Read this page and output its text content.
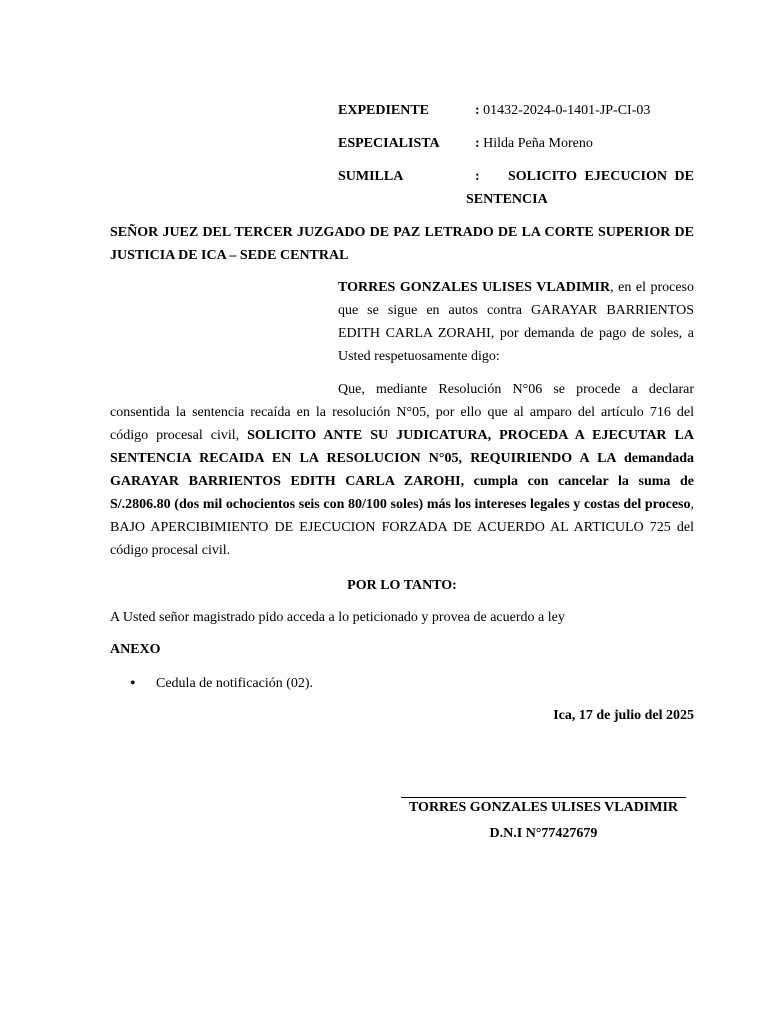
EXPEDIENTE	: 01432-2024-0-1401-JP-CI-03
ESPECIALISTA	: Hilda Peña Moreno
SUMILLA	: SOLICITO EJECUCION DE
SENTENCIA
SEÑOR JUEZ DEL TERCER JUZGADO DE PAZ LETRADO DE LA CORTE SUPERIOR DE JUSTICIA DE ICA – SEDE CENTRAL
TORRES GONZALES ULISES VLADIMIR, en el proceso que se sigue en autos contra GARAYAR BARRIENTOS EDITH CARLA ZORAHI, por demanda de pago de soles, a Usted respetuosamente digo:
Que, mediante Resolución N°06 se procede a declarar consentida la sentencia recaída en la resolución N°05, por ello que al amparo del artículo 716 del código procesal civil, SOLICITO ANTE SU JUDICATURA, PROCEDA A EJECUTAR LA SENTENCIA RECAIDA EN LA RESOLUCION N°05, REQUIRIENDO A LA demandada GARAYAR BARRIENTOS EDITH CARLA ZAROHI, cumpla con cancelar la suma de S/.2806.80 (dos mil ochocientos seis con 80/100 soles) más los intereses legales y costas del proceso, BAJO APERCIBIMIENTO DE EJECUCION FORZADA DE ACUERDO AL ARTICULO 725 del código procesal civil.
POR LO TANTO:
A Usted señor magistrado pido acceda a lo peticionado y provea de acuerdo a ley
ANEXO
• Cedula de notificación (02).
Ica, 17 de julio del 2025
TORRES GONZALES ULISES VLADIMIR
D.N.I N°77427679
